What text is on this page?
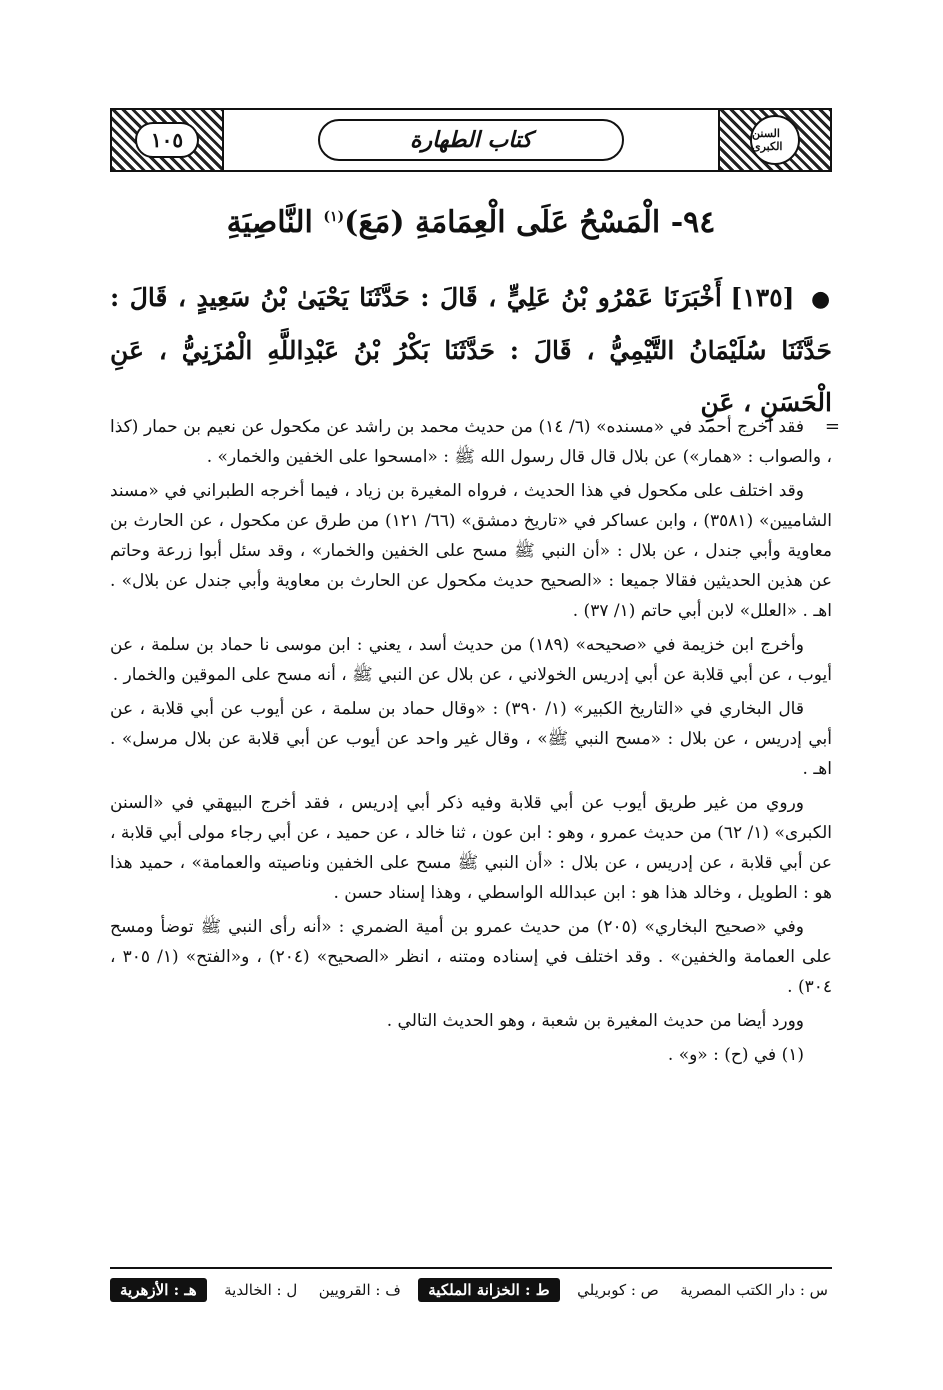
١٠٥	كتاب الطهارة	السنن الكبرى
٩٤- الْمَسْحُ عَلَى الْعِمَامَةِ (مَعَ)$^{(١)}$ النَّاصِيَةِ
● [١٣٥] أَخْبَرَنَا عَمْرُو بْنُ عَلِيٍّ ، قَالَ : حَدَّثَنَا يَحْيَىٰ بْنُ سَعِيدٍ ، قَالَ : حَدَّثَنَا سُلَيْمَانُ التَّيْمِيُّ ، قَالَ : حَدَّثَنَا بَكْرُ بْنُ عَبْدِاللَّهِ الْمُزَنِيُّ ، عَنِ الْحَسَنِ ، عَنِ
=

فقد أخرج أحمد في «مسنده» (٦/ ١٤) من حديث محمد بن راشد عن مكحول عن نعيم بن حمار (كذا ، والصواب : «همار») عن بلال قال قال رسول الله ﷺ : «امسحوا على الخفين والخمار» .

وقد اختلف على مكحول في هذا الحديث ، فرواه المغيرة بن زياد ، فيما أخرجه الطبراني في «مسند الشاميين» (٣٥٨١) ، وابن عساكر في «تاريخ دمشق» (٦٦/ ١٢١) من طرق عن مكحول ، عن الحارث بن معاوية وأبي جندل ، عن بلال : «أن النبي ﷺ مسح على الخفين والخمار» ، وقد سئل أبوا زرعة وحاتم عن هذين الحديثين فقالا جميعا : «الصحيح حديث مكحول عن الحارث بن معاوية وأبي جندل عن بلال» . اهـ . «العلل» لابن أبي حاتم (١/ ٣٧) .

وأخرج ابن خزيمة في «صحيحه» (١٨٩) من حديث أسد ، يعني : ابن موسى نا حماد بن سلمة ، عن أيوب ، عن أبي قلابة عن أبي إدريس الخولاني ، عن بلال عن النبي ﷺ ، أنه مسح على الموقين والخمار .

قال البخاري في «التاريخ الكبير» (١/ ٣٩٠) : «وقال حماد بن سلمة ، عن أيوب عن أبي قلابة ، عن أبي إدريس ، عن بلال : «مسح النبي ﷺ» ، وقال غير واحد عن أيوب عن أبي قلابة عن بلال مرسل» . اهـ .

وروي من غير طريق أيوب عن أبي قلابة وفيه ذكر أبي إدريس ، فقد أخرج البيهقي في «السنن الكبرى» (١/ ٦٢) من حديث عمرو ، وهو : ابن عون ، ثنا خالد ، عن حميد ، عن أبي رجاء مولى أبي قلابة ، عن أبي قلابة ، عن إدريس ، عن بلال : «أن النبي ﷺ مسح على الخفين وناصيته والعمامة» ، حميد هذا هو : الطويل ، وخالد هذا هو : ابن عبدالله الواسطي ، وهذا إسناد حسن .

وفي «صحيح البخاري» (٢٠٥) من حديث عمرو بن أمية الضمري : «أنه رأى النبي ﷺ توضأ ومسح على العمامة والخفين» . وقد اختلف في إسناده ومتنه ، انظر «الصحيح» (٢٠٤) ، و«الفتح» (١/ ٣٠٥ ، ٣٠٤) .

وورد أيضا من حديث المغيرة بن شعبة ، وهو الحديث التالي .

(١) في (ح) : «و» .

س : دار الكتب المصرية
ص : كوبريلي
ط : الخزانة الملكية
ف : القرويين
ل : الخالدية
هـ : الأزهرية
